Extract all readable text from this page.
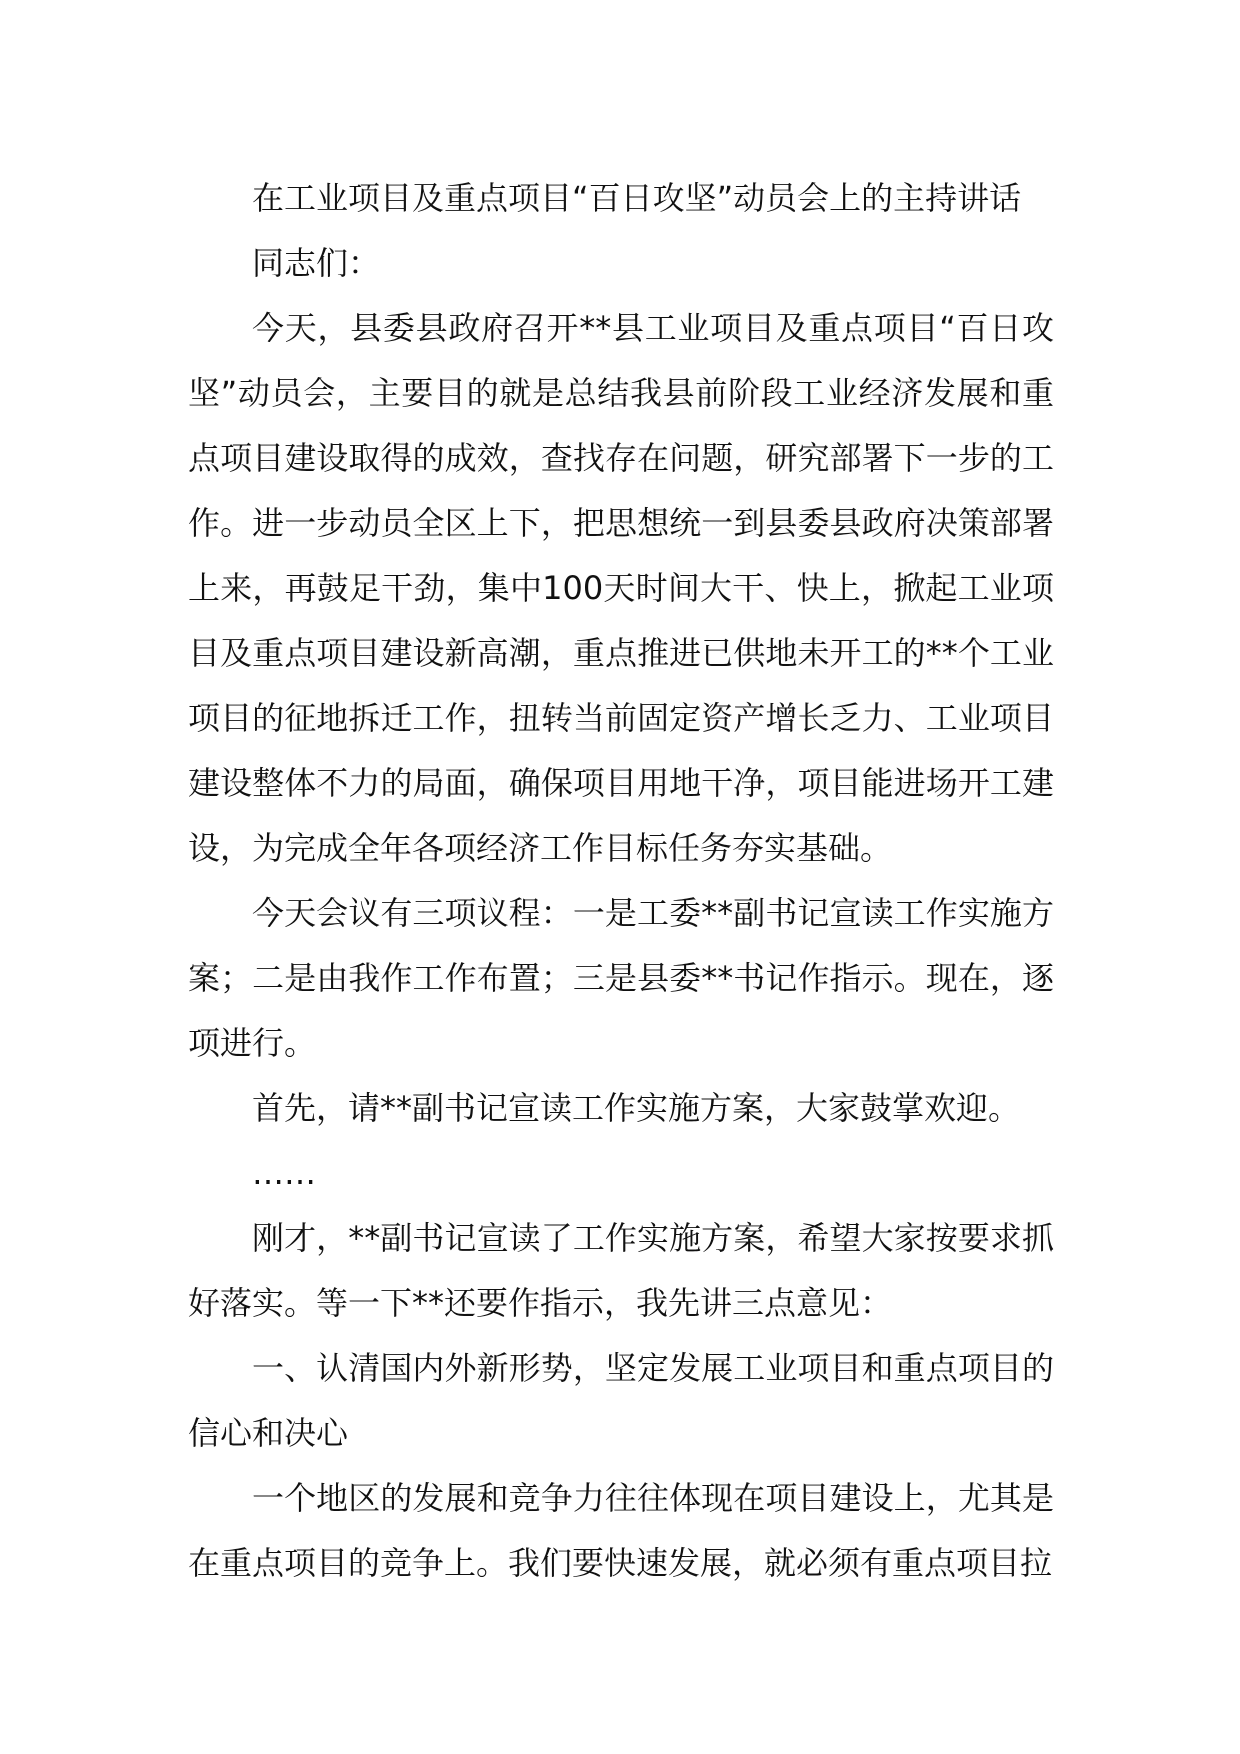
在工业项目及重点项目“百日攻坚”动员会上的主持讲话

同志们：

今天，县委县政府召开**县工业项目及重点项目“百日攻坚”动员会，主要目的就是总结我县前阶段工业经济发展和重点项目建设取得的成效，查找存在问题，研究部署下一步的工作。进一步动员全区上下，把思想统一到县委县政府决策部署上来，再鼓足干劲，集中100天时间大干、快上，掀起工业项目及重点项目建设新高潮，重点推进已供地未开工的**个工业项目的征地拆迁工作，扭转当前固定资产增长乏力、工业项目建设整体不力的局面，确保项目用地干净，项目能进场开工建设，为完成全年各项经济工作目标任务夯实基础。

今天会议有三项议程：一是工委**副书记宣读工作实施方案；二是由我作工作布置；三是县委**书记作指示。现在，逐项进行。

首先，请**副书记宣读工作实施方案，大家鼓掌欢迎。

……

刚才，**副书记宣读了工作实施方案，希望大家按要求抓好落实。等一下**还要作指示，我先讲三点意见：

一、认清国内外新形势，坚定发展工业项目和重点项目的信心和决心

一个地区的发展和竞争力往往体现在项目建设上，尤其是在重点项目的竞争上。我们要快速发展，就必须有重点项目拉
